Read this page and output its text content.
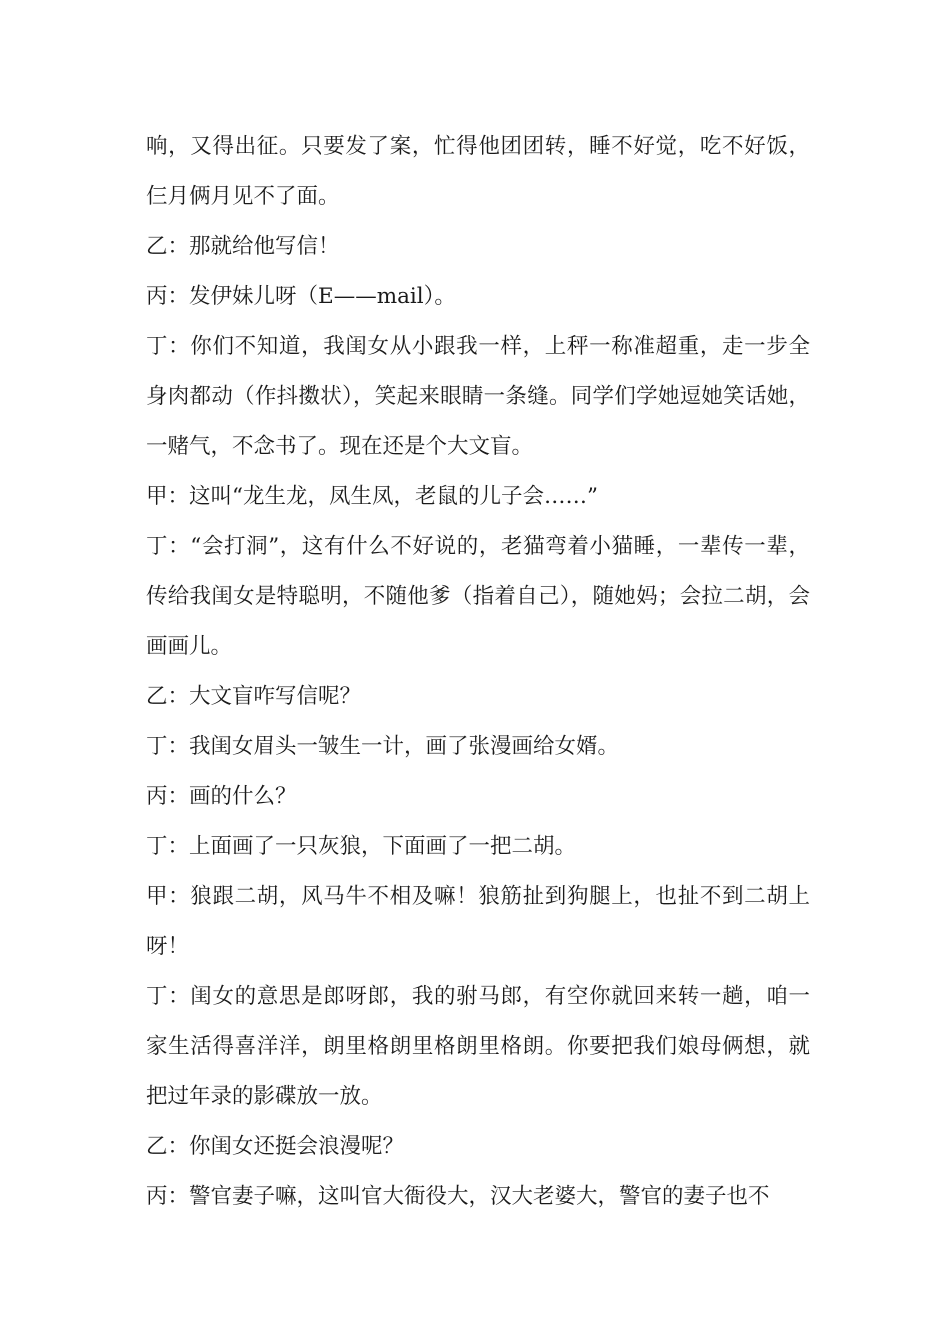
响，又得出征。只要发了案，忙得他团团转，睡不好觉，吃不好饭，仨月俩月见不了面。

乙：那就给他写信！

丙：发伊妹儿呀（E——mail）。

丁：你们不知道，我闺女从小跟我一样，上秤一称准超重，走一步全身肉都动（作抖擞状），笑起来眼睛一条缝。同学们学她逗她笑话她，一赌气，不念书了。现在还是个大文盲。

甲：这叫“龙生龙，凤生凤，老鼠的儿子会……”

丁：“会打洞”，这有什么不好说的，老猫弯着小猫睡，一辈传一辈，传给我闺女是特聪明，不随他爹（指着自己），随她妈；会拉二胡，会画画儿。

乙：大文盲咋写信呢？

丁：我闺女眉头一皱生一计，画了张漫画给女婿。

丙：画的什么？

丁：上面画了一只灰狼，下面画了一把二胡。

甲：狼跟二胡，风马牛不相及嘛！狼筋扯到狗腿上，也扯不到二胡上呀！

丁：闺女的意思是郎呀郎，我的驸马郎，有空你就回来转一趟，咱一家生活得喜洋洋，朗里格朗里格朗里格朗。你要把我们娘母俩想，就把过年录的影碟放一放。

乙：你闺女还挺会浪漫呢？

丙：警官妻子嘛，这叫官大衙役大，汉大老婆大，警官的妻子也不
